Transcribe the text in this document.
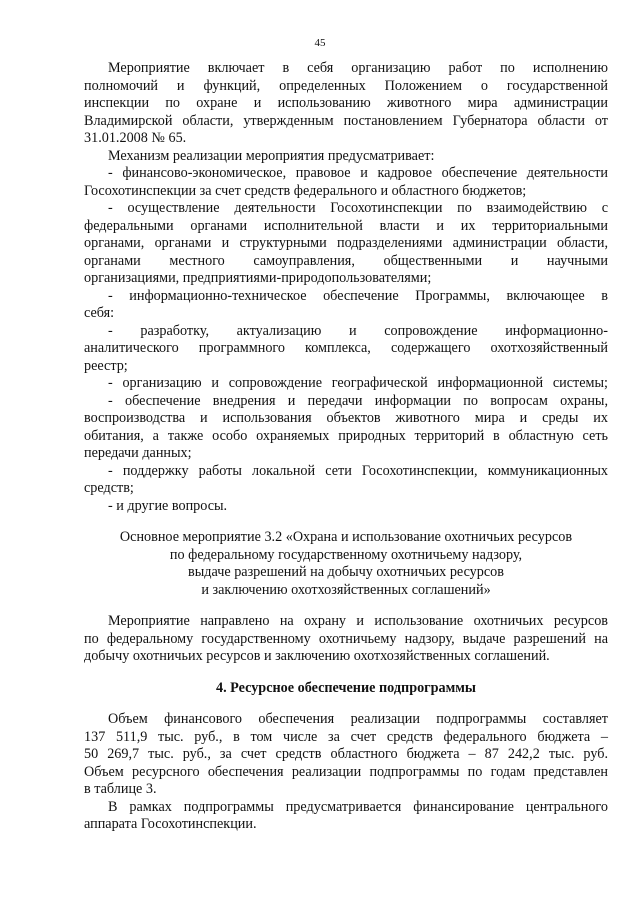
45

Мероприятие включает в себя организацию работ по исполнению
полномочий и функций, определенных Положением о государственной
инспекции по охране и использованию животного мира администрации
Владимирской области, утвержденным постановлением Губернатора области от
31.01.2008 № 65.

Механизм реализации мероприятия предусматривает:

- финансово-экономическое, правовое и кадровое обеспечение деятельности
Госохотинспекции за счет средств федерального и областного бюджетов;

- осуществление деятельности Госохотинспекции по взаимодействию с
федеральными органами исполнительной власти и их территориальными
органами, органами и структурными подразделениями администрации области,
органами местного самоуправления, общественными и научными
организациями, предприятиями-природопользователями;

- информационно-техническое обеспечение Программы, включающее в
себя:

- разработку, актуализацию и сопровождение информационно-
аналитического программного комплекса, содержащего охотхозяйственный
реестр;

- организацию и сопровождение географической информационной системы;

- обеспечение внедрения и передачи информации по вопросам охраны,
воспроизводства и использования объектов животного мира и среды их
обитания, а также особо охраняемых природных территорий в областную сеть
передачи данных;

- поддержку работы локальной сети Госохотинспекции, коммуникационных
средств;

- и другие вопросы.

Основное мероприятие 3.2 «Охрана и использование охотничьих ресурсов
по федеральному государственному охотничьему надзору,
выдаче разрешений на добычу охотничьих ресурсов
и заключению охотхозяйственных соглашений»

Мероприятие направлено на охрану и использование охотничьих ресурсов
по федеральному государственному охотничьему надзору, выдаче разрешений на
добычу охотничьих ресурсов и заключению охотхозяйственных соглашений.

4. Ресурсное обеспечение подпрограммы

Объем финансового обеспечения реализации подпрограммы составляет
137 511,9 тыс. руб., в том числе за счет средств федерального бюджета –
50 269,7 тыс. руб., за счет средств областного бюджета – 87 242,2 тыс. руб.
Объем ресурсного обеспечения реализации подпрограммы по годам представлен
в таблице 3.

В рамках подпрограммы предусматривается финансирование центрального
аппарата Госохотинспекции.
